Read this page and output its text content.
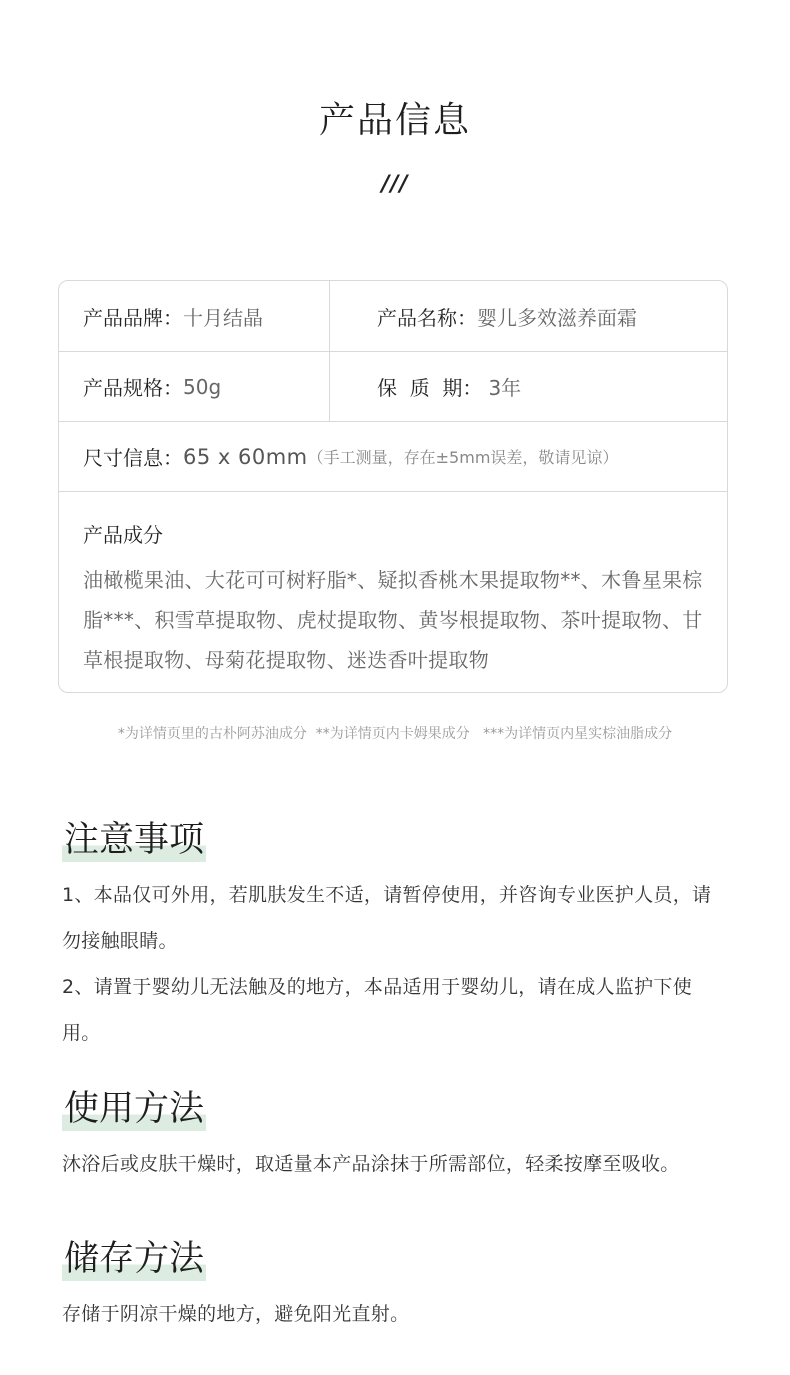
产品信息
///
产品品牌： 十月结晶	产品名称： 婴儿多效滋养面霜
产品规格： 50g	保  质  期： 3年
尺寸信息： 65 x 60mm （手工测量，存在±5mm误差，敬请见谅）
产品成分
油橄榄果油、大花可可树籽脂*、疑拟香桃木果提取物**、木鲁星果棕脂***、积雪草提取物、虎杖提取物、黄岑根提取物、茶叶提取物、甘草根提取物、母菊花提取物、迷迭香叶提取物
*为详情页里的古朴阿苏油成分  **为详情页内卡姆果成分   ***为详情页内星实棕油脂成分
注意事项

1、本品仅可外用，若肌肤发生不适，请暂停使用，并咨询专业医护人员，请勿接触眼睛。

2、请置于婴幼儿无法触及的地方，本品适用于婴幼儿，请在成人监护下使用。

使用方法

沐浴后或皮肤干燥时，取适量本产品涂抹于所需部位，轻柔按摩至吸收。

储存方法

存储于阴凉干燥的地方，避免阳光直射。
